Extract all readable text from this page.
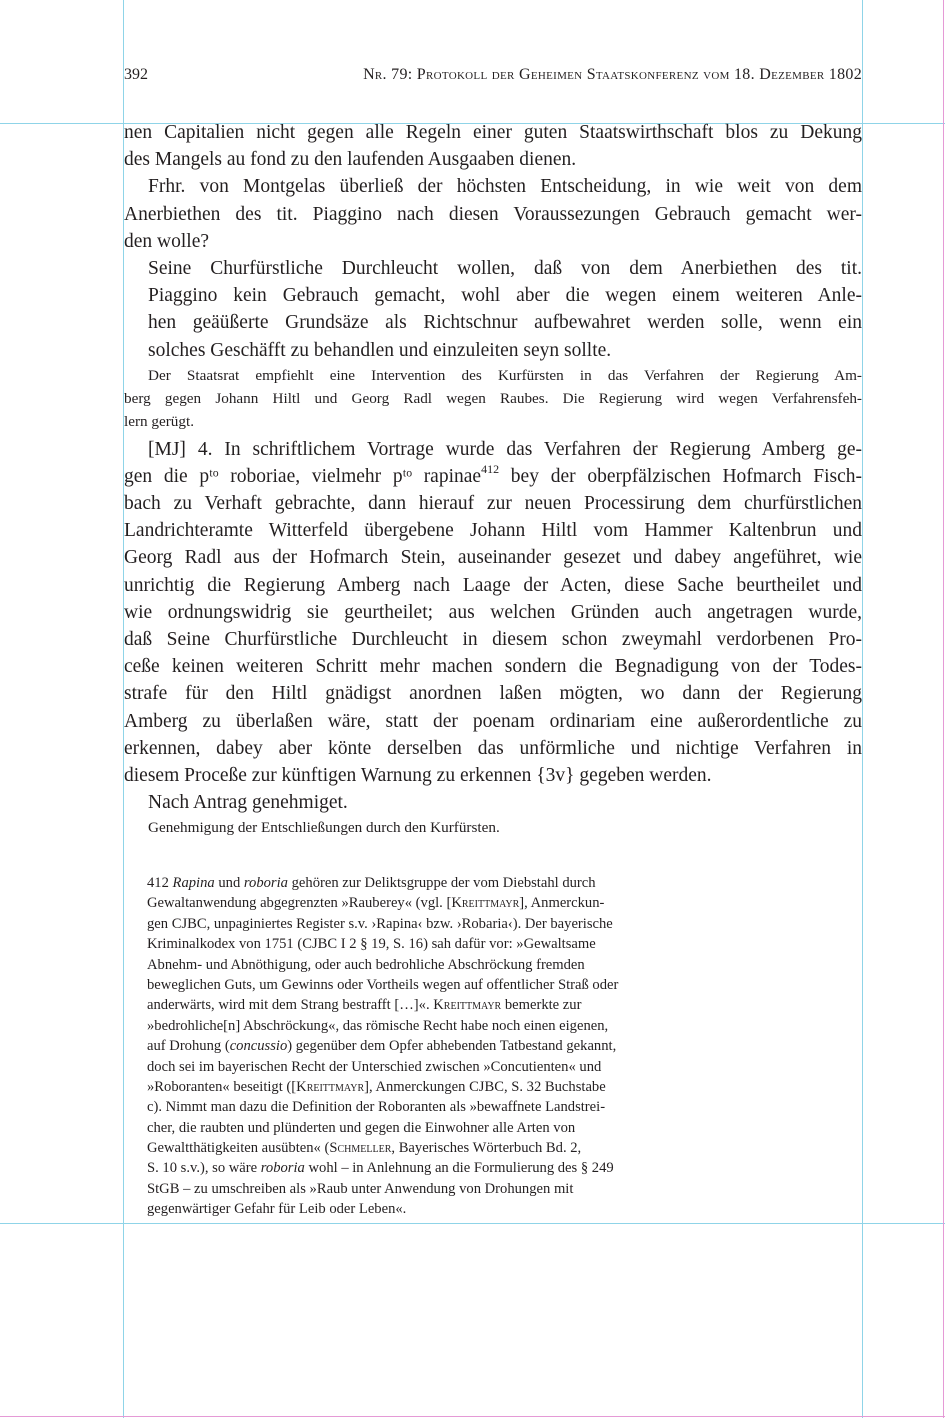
392	Nr. 79: Protokoll der Geheimen Staatskonferenz vom 18. Dezember 1802
nen Capitalien nicht gegen alle Regeln einer guten Staatswirthschaft blos zu Dekung
des Mangels au fond zu den laufenden Ausgaaben dienen.
Frhr. von Montgelas überließ der höchsten Entscheidung, in wie weit von dem
Anerbiethen des tit. Piaggino nach diesen Voraussezungen Gebrauch gemacht wer-
den wolle?
Seine Churfürstliche Durchleucht wollen, daß von dem Anerbiethen des tit.
Piaggino kein Gebrauch gemacht, wohl aber die wegen einem weiteren Anle-
hen geäüßerte Grundsäze als Richtschnur aufbewahret werden solle, wenn ein
solches Geschäfft zu behandlen und einzuleiten seyn sollte.
Der Staatsrat empfiehlt eine Intervention des Kurfürsten in das Verfahren der Regierung Am-
berg gegen Johann Hiltl und Georg Radl wegen Raubes. Die Regierung wird wegen Verfahrensfeh-
lern gerügt.
[MJ] 4. In schriftlichem Vortrage wurde das Verfahren der Regierung Amberg ge-
gen die pᵗᵒ roboriae, vielmehr pᵗᵒ rapinae$^{412}$ bey der oberpfälzischen Hofmarch Fisch-
bach zu Verhaft gebrachte, dann hierauf zur neuen Processirung dem churfürstlichen
Landrichteramte Witterfeld übergebene Johann Hiltl vom Hammer Kaltenbrun und
Georg Radl aus der Hofmarch Stein, auseinander gesezet und dabey angeführet, wie
unrichtig die Regierung Amberg nach Laage der Acten, diese Sache beurtheilet und
wie ordnungswidrig sie geurtheilet; aus welchen Gründen auch angetragen wurde,
daß Seine Churfürstliche Durchleucht in diesem schon zweymahl verdorbenen Pro-
ceße keinen weiteren Schritt mehr machen sondern die Begnadigung von der Todes-
strafe für den Hiltl gnädigst anordnen laßen mögten, wo dann der Regierung
Amberg zu überlaßen wäre, statt der poenam ordinariam eine außerordentliche zu
erkennen, dabey aber könte derselben das unförmliche und nichtige Verfahren in
diesem Proceße zur künftigen Warnung zu erkennen {3v} gegeben werden.
Nach Antrag genehmiget.
Genehmigung der Entschließungen durch den Kurfürsten.
412 Rapina und roboria gehören zur Deliktsgruppe der vom Diebstahl durch
Gewaltanwendung abgegrenzten »Rauberey« (vgl. [Kreittmayr], Anmerckun-
gen CJBC, unpaginiertes Register s.v. ›Rapina‹ bzw. ›Robaria‹). Der bayerische
Kriminalkodex von 1751 (CJBC I 2 § 19, S. 16) sah dafür vor: »Gewaltsame
Abnehm- und Abnöthigung, oder auch bedrohliche Abschröckung fremden
beweglichen Guts, um Gewinns oder Vortheils wegen auf offentlicher Straß oder
anderwärts, wird mit dem Strang bestrafft […]«. Kreittmayr bemerkte zur
»bedrohliche[n] Abschröckung«, das römische Recht habe noch einen eigenen,
auf Drohung (concussio) gegenüber dem Opfer abhebenden Tatbestand gekannt,
doch sei im bayerischen Recht der Unterschied zwischen »Concutienten« und
»Roboranten« beseitigt ([Kreittmayr], Anmerckungen CJBC, S. 32 Buchstabe
c). Nimmt man dazu die Definition der Roboranten als »bewaffnete Landstrei-
cher, die raubten und plünderten und gegen die Einwohner alle Arten von
Gewaltthätigkeiten ausübten« (Schmeller, Bayerisches Wörterbuch Bd. 2,
S. 10 s.v.), so wäre roboria wohl – in Anlehnung an die Formulierung des § 249
StGB – zu umschreiben als »Raub unter Anwendung von Drohungen mit
gegenwärtiger Gefahr für Leib oder Leben«.
